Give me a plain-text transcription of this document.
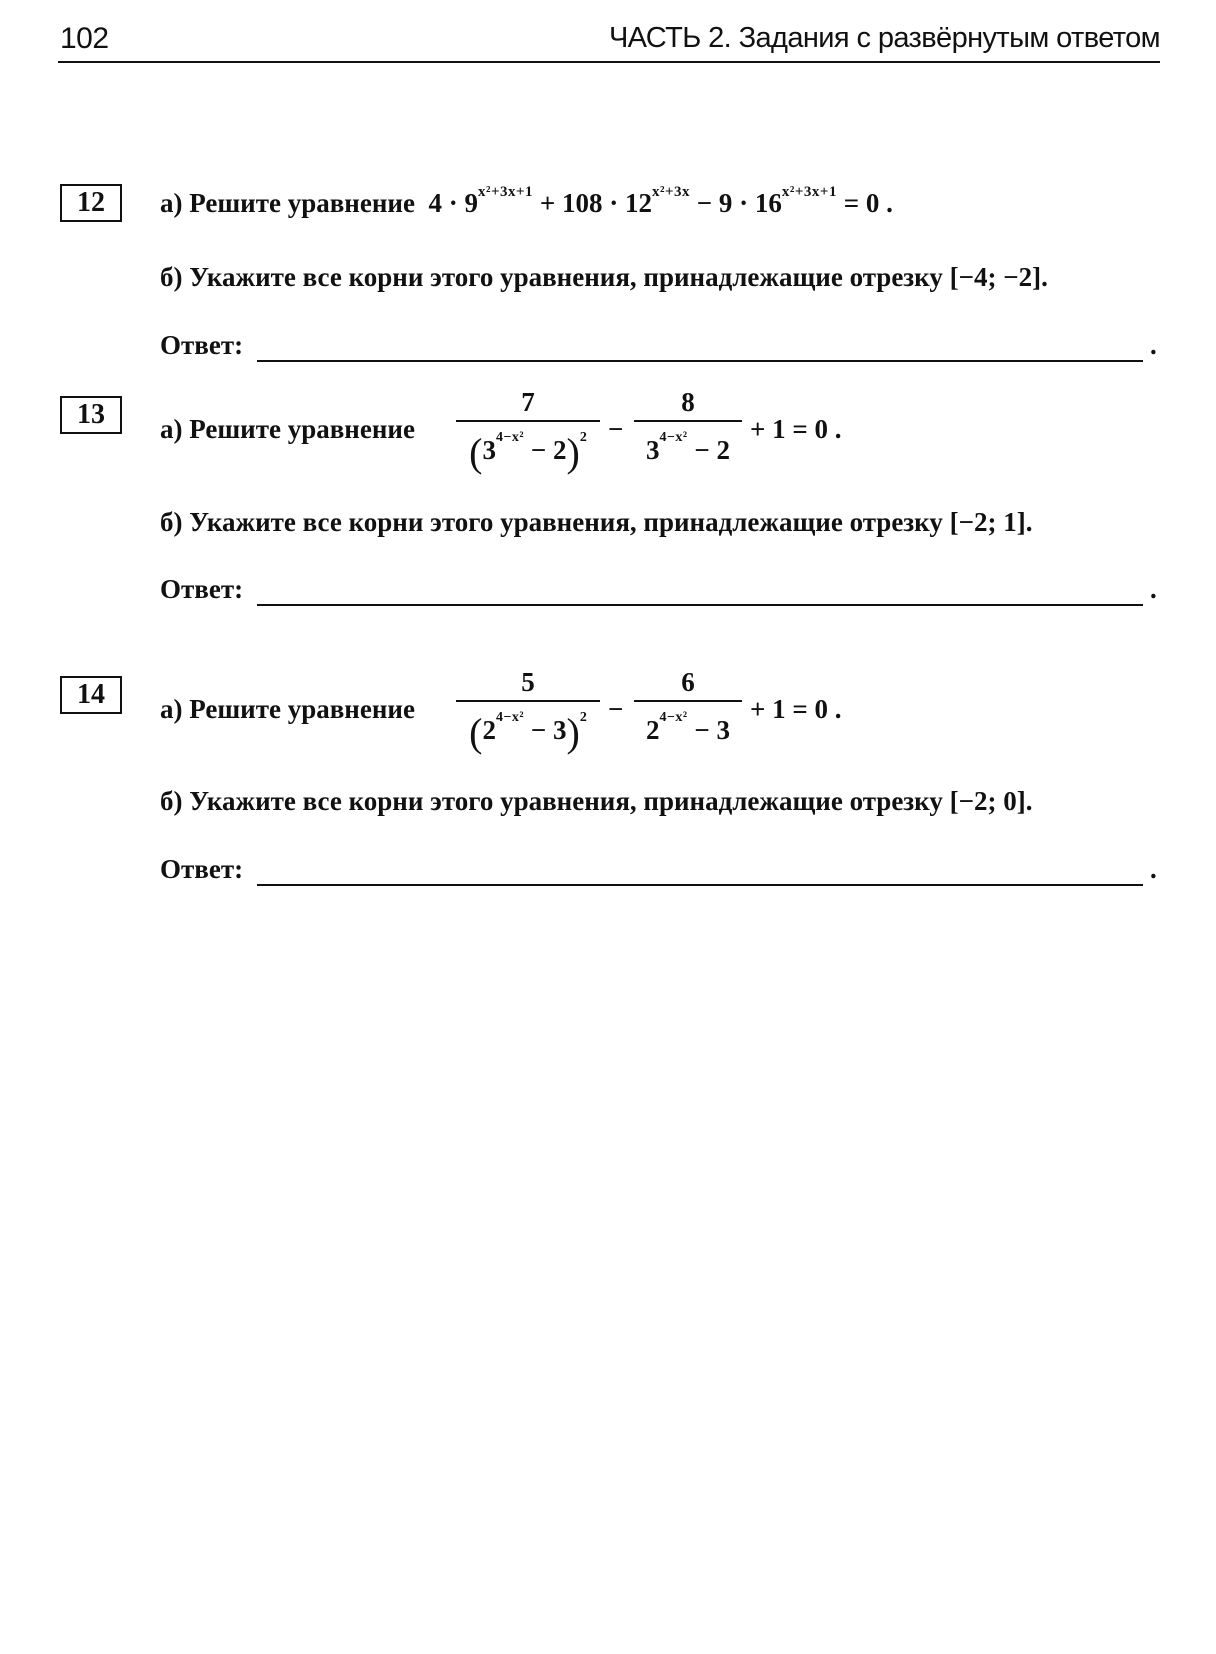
102	ЧАСТЬ 2. Задания с развёрнутым ответом
12	а) Решите уравнение $4 \cdot 9^{x^2+3x+1} + 108 \cdot 12^{x^2+3x} - 9 \cdot 16^{x^2+3x+1} = 0$ .
б) Укажите все корни этого уравнения, принадлежащие отрезку [−4; −2].
Ответ:	.
13	а) Решите уравнение
7
$(3^{4-x^2} - 2)^2$ −
8
$3^{4-x^2} - 2$
+ 1 = 0 .
б) Укажите все корни этого уравнения, принадлежащие отрезку [−2; 1].
Ответ:	.
14	а) Решите уравнение
5
$(2^{4-x^2} - 3)^2$ −
6
$2^{4-x^2} - 3$
+ 1 = 0 .
б) Укажите все корни этого уравнения, принадлежащие отрезку [−2; 0].
Ответ:	.
